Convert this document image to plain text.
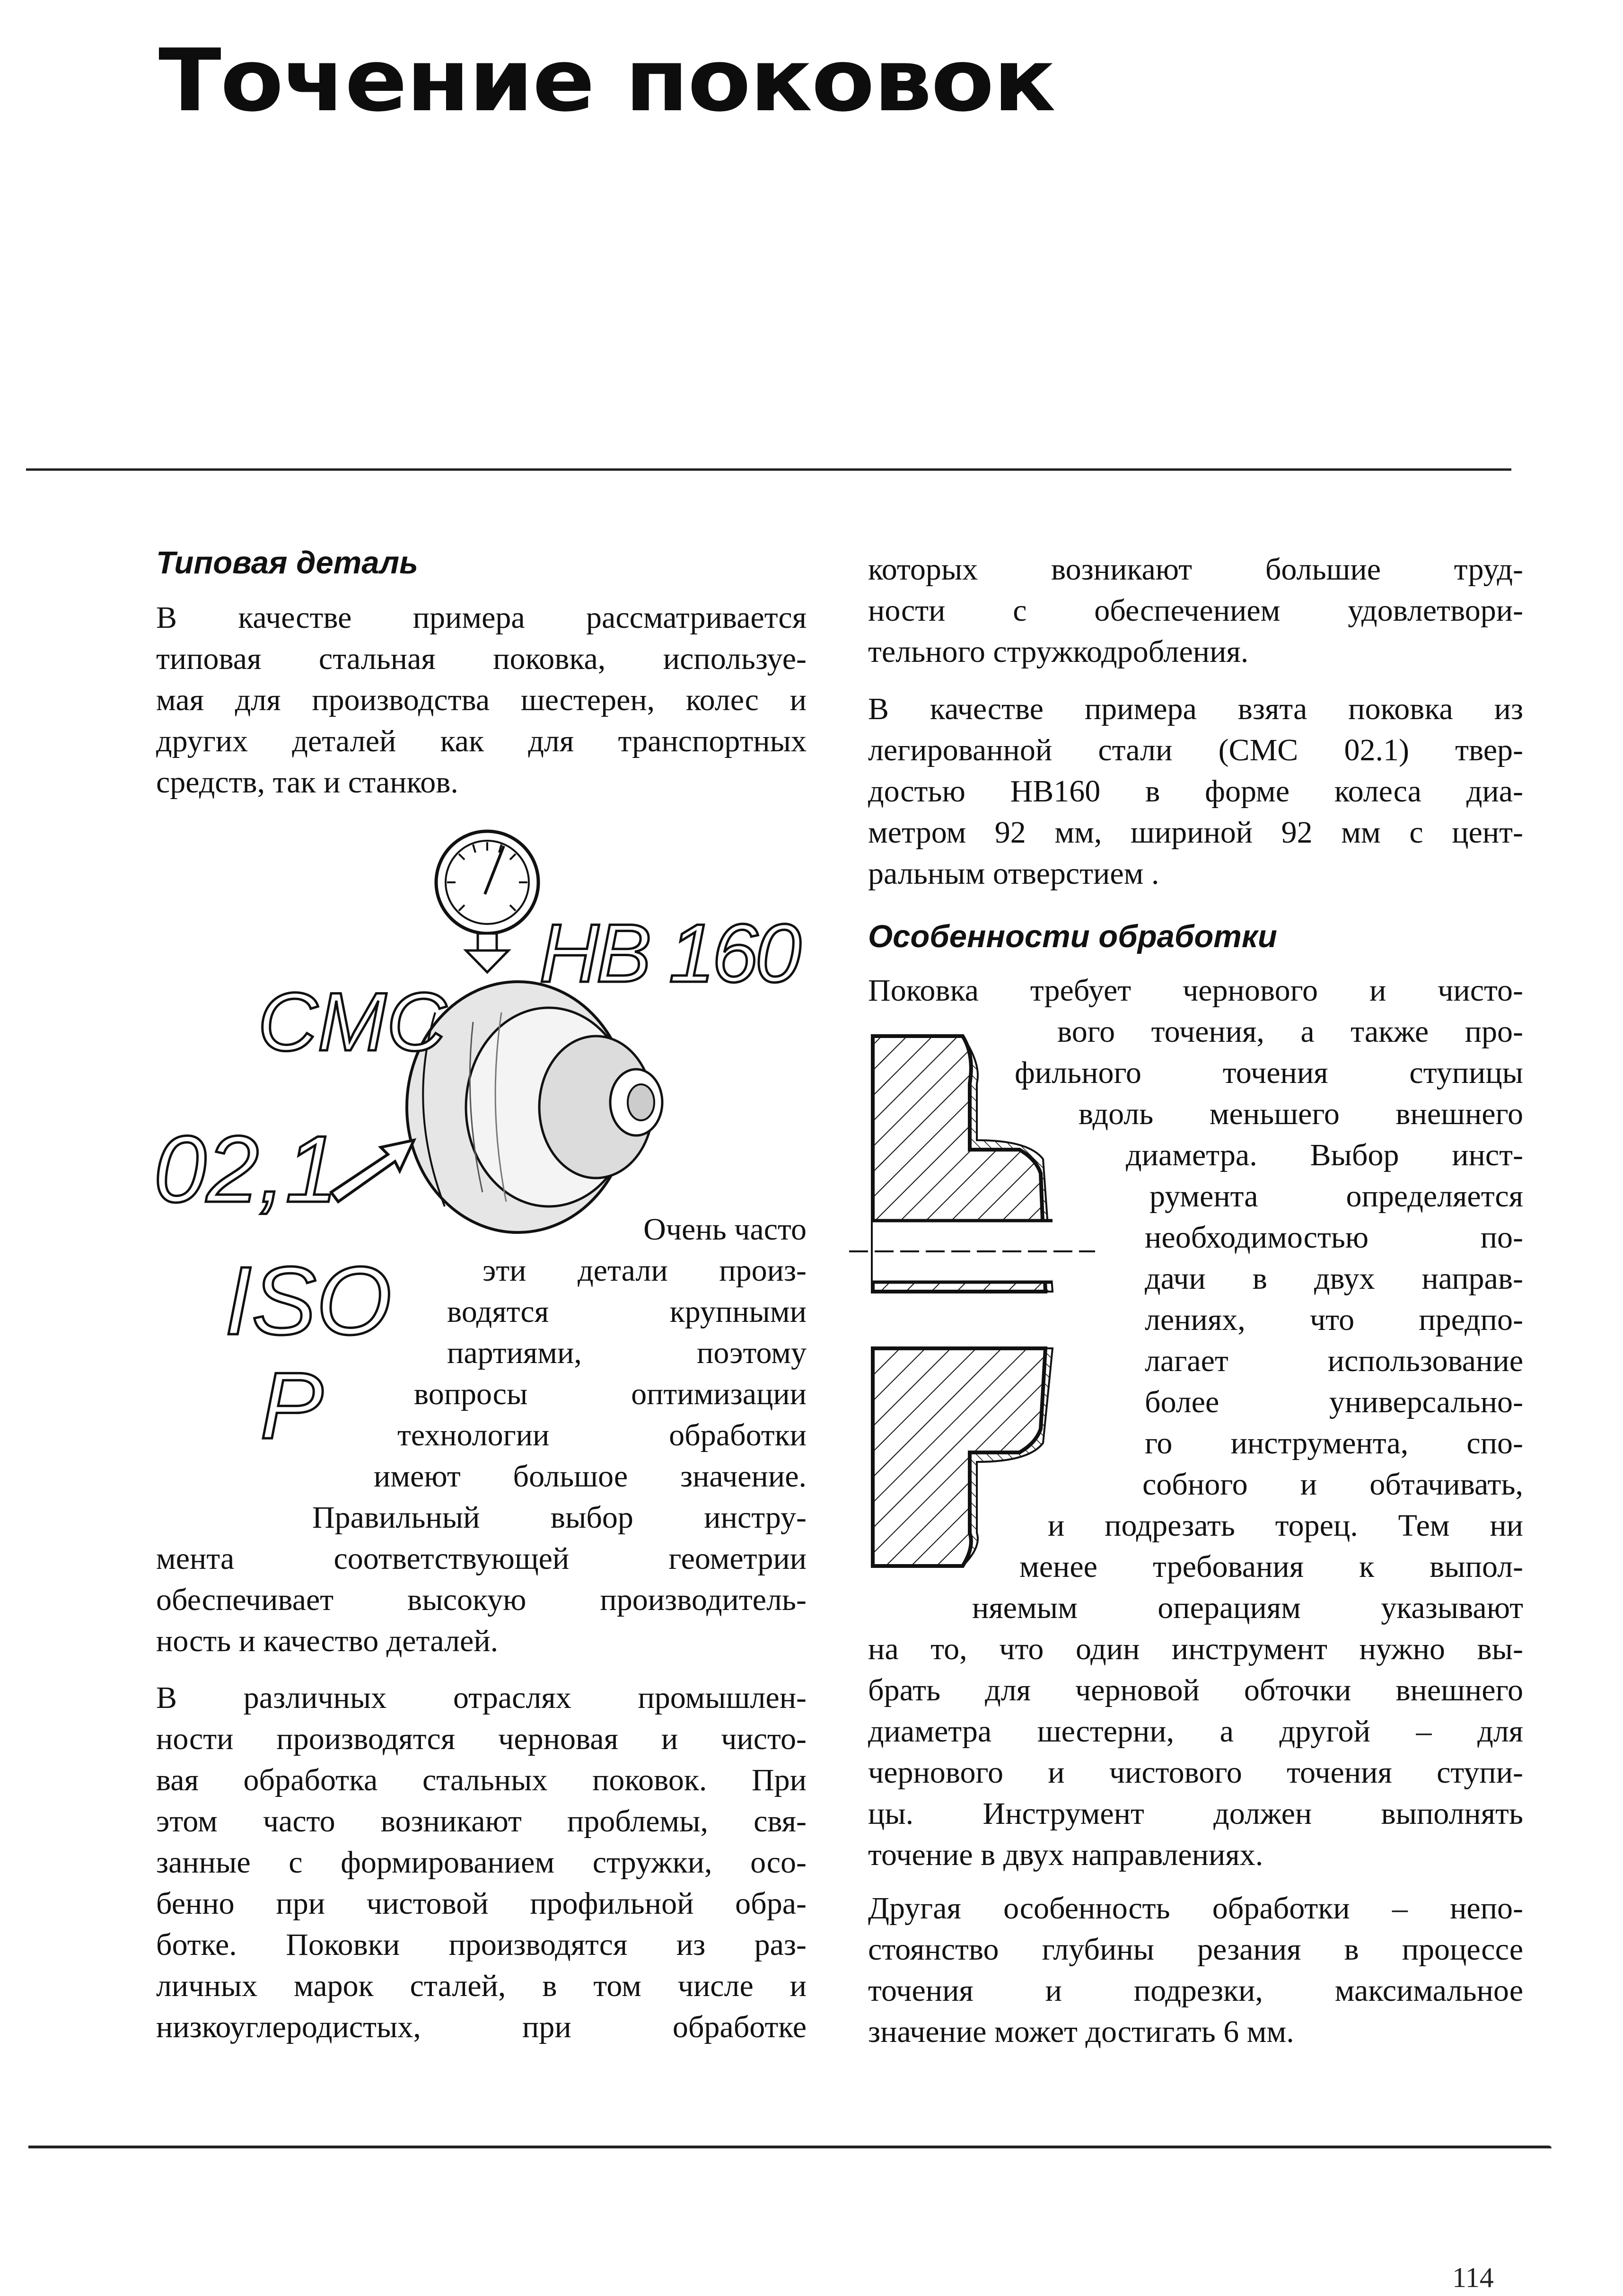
Точение поковок
Типовая деталь
В качестве примера рассматривается
типовая стальная поковка, используе-
мая для производства шестерен, колес и
других деталей как для транспортных
средств, так и станков.
HB 160
CMC
02,1
ISO
P
Очень часто
эти детали произ-
водятся крупными
партиями, поэтому
вопросы оптимизации
технологии обработки
имеют большое значение.
Правильный выбор инстру-
мента соответствующей геометрии
обеспечивает высокую производитель-
ность и качество деталей.
В различных отраслях промышлен-
ности производятся черновая и чисто-
вая обработка стальных поковок. При
этом часто возникают проблемы, свя-
занные с формированием стружки, осо-
бенно при чистовой профильной обра-
ботке. Поковки производятся из раз-
личных марок сталей, в том числе и
низкоуглеродистых, при обработке
которых возникают большие труд-
ности с обеспечением удовлетвори-
тельного стружкодробления.
В качестве примера взята поковка из
легированной стали (СМС 02.1) твер-
достью НВ160 в форме колеса диа-
метром 92 мм, шириной 92 мм с цент-
ральным отверстием .
Особенности обработки
Поковка требует чернового и чисто-
вого точения, а также про-
фильного точения ступицы
вдоль меньшего внешнего
диаметра. Выбор инст-
румента определяется
необходимостью по-
дачи в двух направ-
лениях, что предпо-
лагает использование
более универсально-
го инструмента, спо-
собного и обтачивать,
и подрезать торец. Тем ни
менее требования к выпол-
няемым операциям указывают
на то, что один инструмент нужно вы-
брать для черновой обточки внешнего
диаметра шестерни, а другой – для
чернового и чистового точения ступи-
цы. Инструмент должен выполнять
точение в двух направлениях.
Другая особенность обработки – непо-
стоянство глубины резания в процессе
точения и подрезки, максимальное
значение может достигать 6 мм.
114
